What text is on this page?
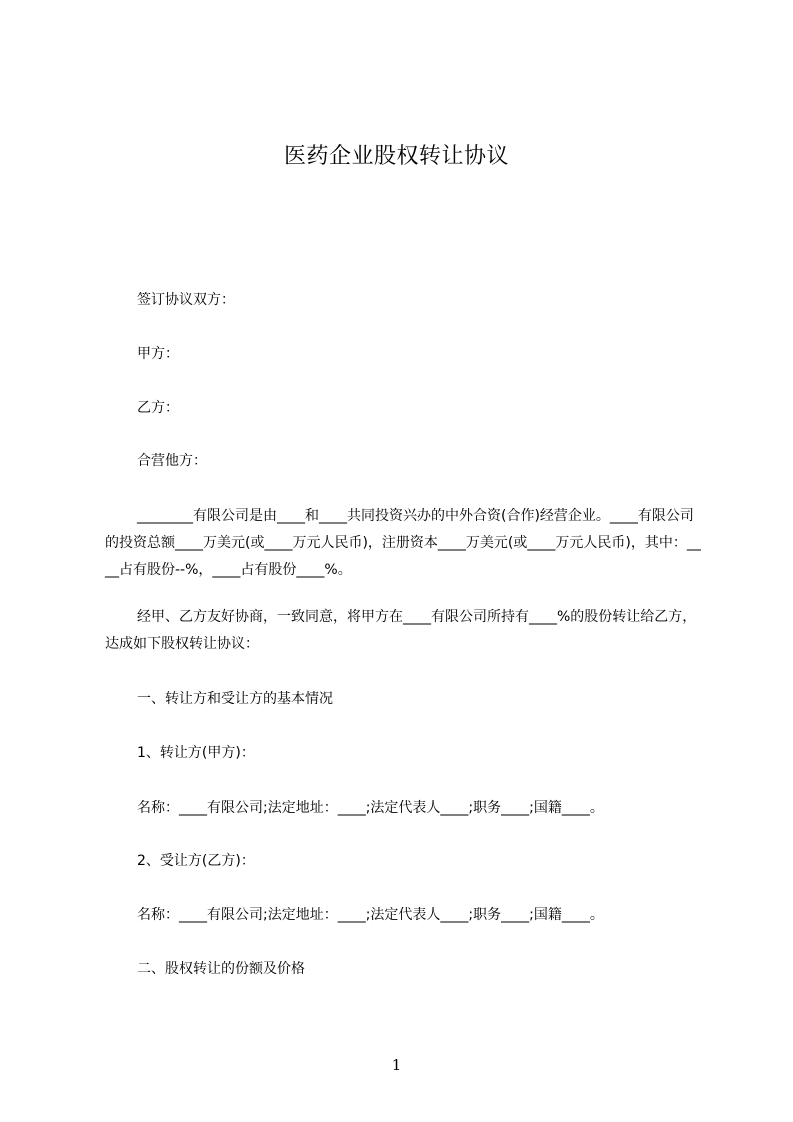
医药企业股权转让协议
签订协议双方：
甲方：
乙方：
合营他方：
________有限公司是由____和____共同投资兴办的中外合资(合作)经营企业。____有限公司的投资总额____万美元(或____万元人民币)，注册资本____万美元(或____万元人民币)，其中：____占有股份--%，____占有股份____%。
经甲、乙方友好协商，一致同意，将甲方在____有限公司所持有____%的股份转让给乙方，达成如下股权转让协议：
一、转让方和受让方的基本情况
1、转让方(甲方)：
名称：____有限公司;法定地址：____;法定代表人____;职务____;国籍____。
2、受让方(乙方)：
名称：____有限公司;法定地址：____;法定代表人____;职务____;国籍____。
二、股权转让的份额及价格
1
